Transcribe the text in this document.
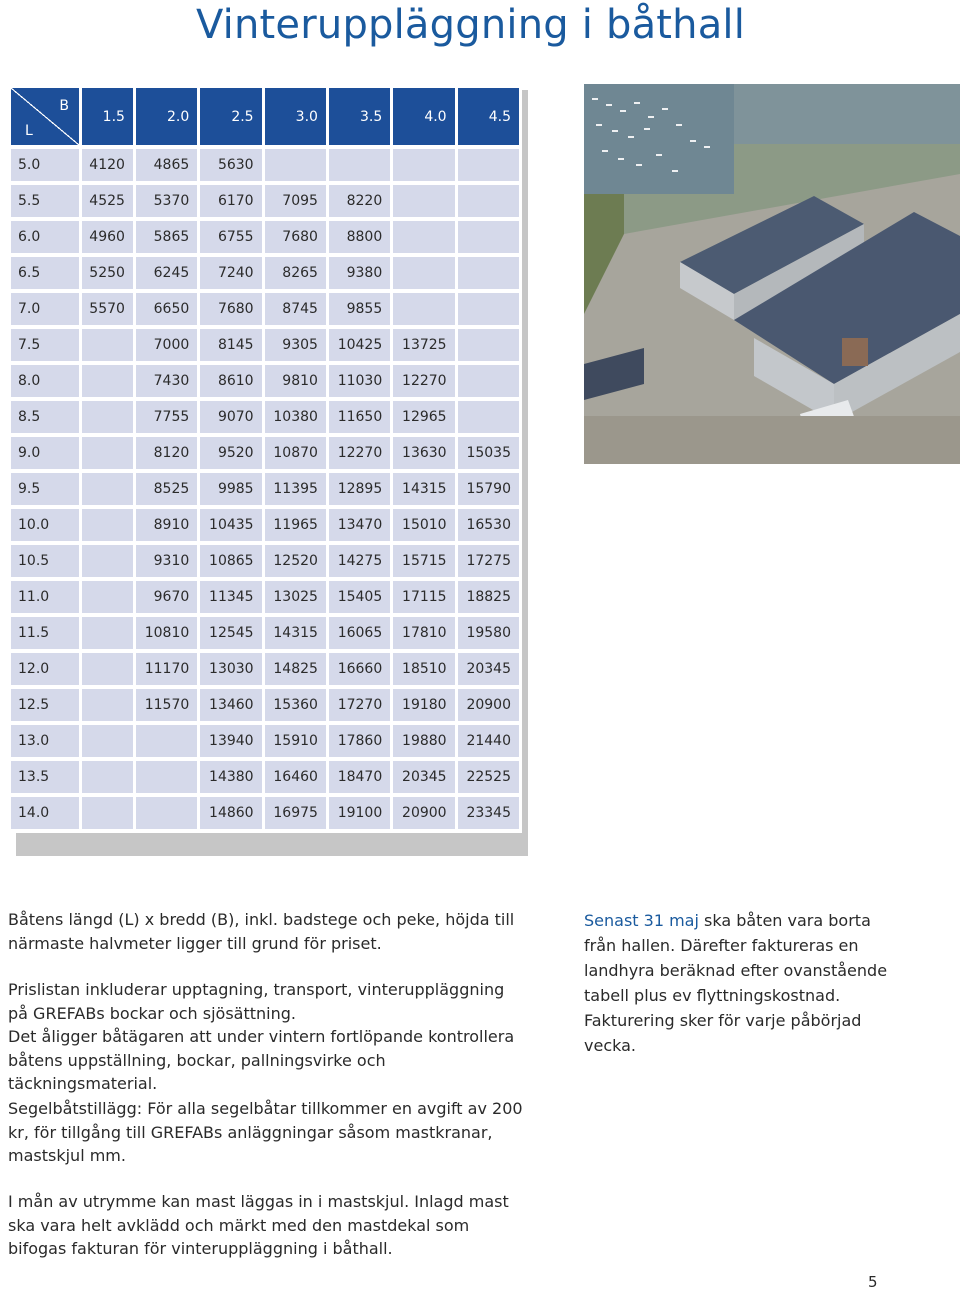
Vinteruppläggning i båthall
B
L	1.5	2.0	2.5	3.0	3.5	4.0	4.5
5.0	4120	4865	5630				
5.5	4525	5370	6170	7095	8220		
6.0	4960	5865	6755	7680	8800		
6.5	5250	6245	7240	8265	9380		
7.0	5570	6650	7680	8745	9855		
7.5		7000	8145	9305	10425	13725	
8.0		7430	8610	9810	11030	12270	
8.5		7755	9070	10380	11650	12965	
9.0		8120	9520	10870	12270	13630	15035
9.5		8525	9985	11395	12895	14315	15790
10.0		8910	10435	11965	13470	15010	16530
10.5		9310	10865	12520	14275	15715	17275
11.0		9670	11345	13025	15405	17115	18825
11.5		10810	12545	14315	16065	17810	19580
12.0		11170	13030	14825	16660	18510	20345
12.5		11570	13460	15360	17270	19180	20900
13.0			13940	15910	17860	19880	21440
13.5			14380	16460	18470	20345	22525
14.0			14860	16975	19100	20900	23345

Båtens längd (L) x bredd (B), inkl. badstege och peke, höjda till närmaste halvmeter ligger till grund för priset.

Prislistan inkluderar upptagning, transport, vinteruppläggning på GREFABs bockar och sjösättning.

Det åligger båtägaren att under vintern fortlöpande kontrollera båtens uppställning, bockar, pallningsvirke och täckningsmaterial.

Senast 31 maj ska båten vara borta från hallen. Därefter faktureras en landhyra beräknad efter ovanstående tabell plus ev flyttningskostnad. Fakturering sker för varje påbörjad vecka.

Segelbåtstillägg: För alla segelbåtar tillkommer en avgift av 200 kr, för tillgång till GREFABs anläggningar såsom mastkranar, mastskjul mm.

I mån av utrymme kan mast läggas in i mastskjul. Inlagd mast ska vara helt avklädd och märkt med den mastdekal som bifogas fakturan för vinteruppläggning i båthall.

5
